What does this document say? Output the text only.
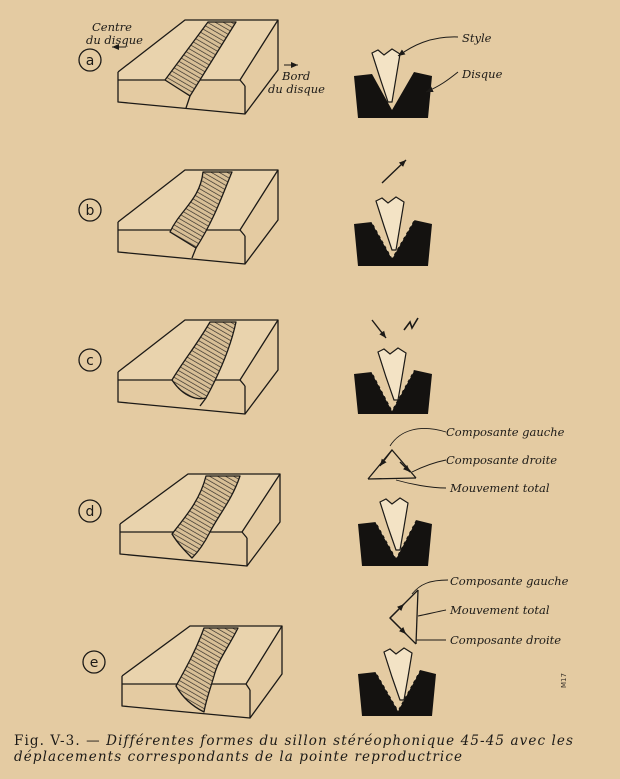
a
Centre
du disque
Bord
du disque
Style
Disque
b
c
d
Composante gauche
Composante droite
Mouvement total
e
Composante gauche
Mouvement total
Composante droite
M17
Fig. V-3. — Différentes formes du sillon stéréophonique 45-45 avec les déplacements correspondants de la pointe reproductrice
